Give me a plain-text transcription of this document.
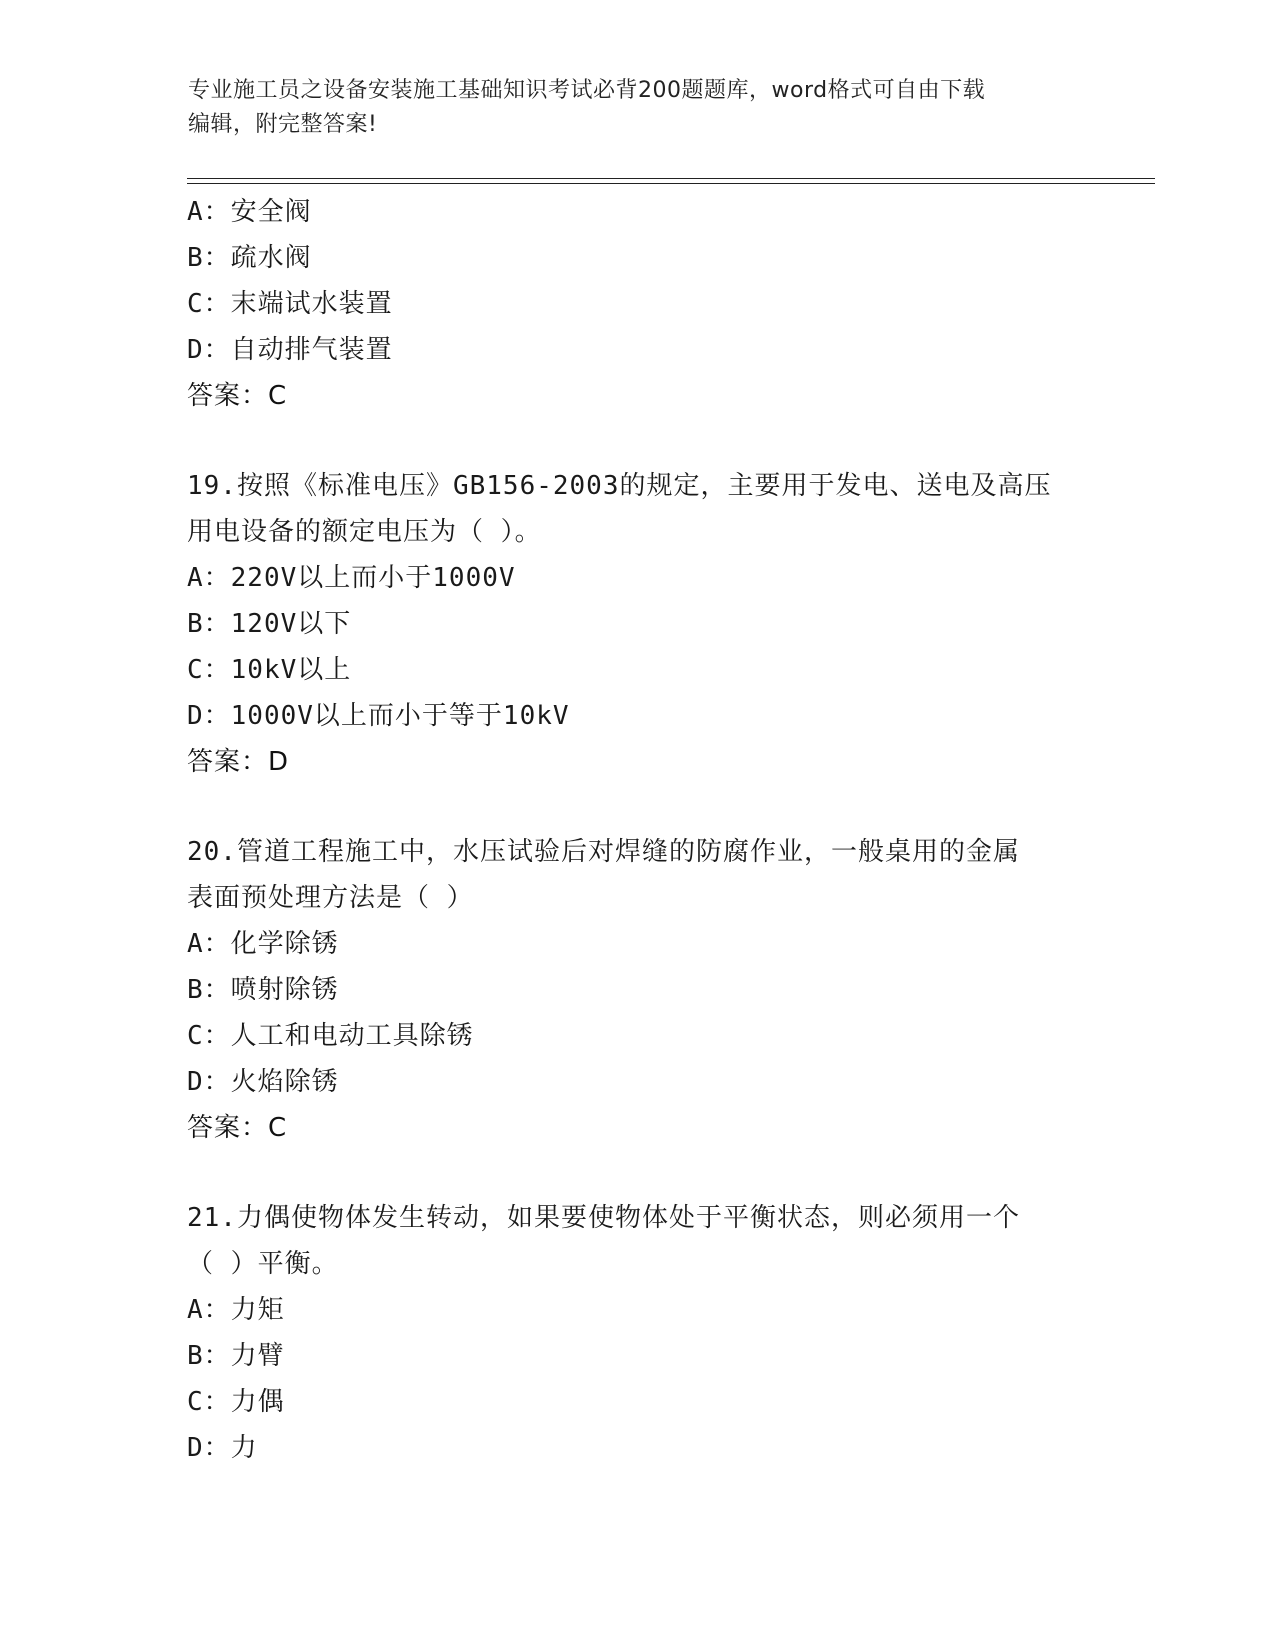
专业施工员之设备安装施工基础知识考试必背200题题库，word格式可自由下载
编辑，附完整答案!
A：安全阀
B：疏水阀
C：末端试水装置
D：自动排气装置
答案：C
19.按照《标准电压》GB156-2003的规定，主要用于发电、送电及高压
用电设备的额定电压为（ ）。
A：220V以上而小于1000V
B：120V以下
C：10kV以上
D：1000V以上而小于等于10kV
答案：D
20.管道工程施工中，水压试验后对焊缝的防腐作业，一般桌用的金属
表面预处理方法是（ ）
A：化学除锈
B：喷射除锈
C：人工和电动工具除锈
D：火焰除锈
答案：C
21.力偶使物体发生转动，如果要使物体处于平衡状态，则必须用一个
（ ）平衡。
A：力矩
B：力臂
C：力偶
D：力
